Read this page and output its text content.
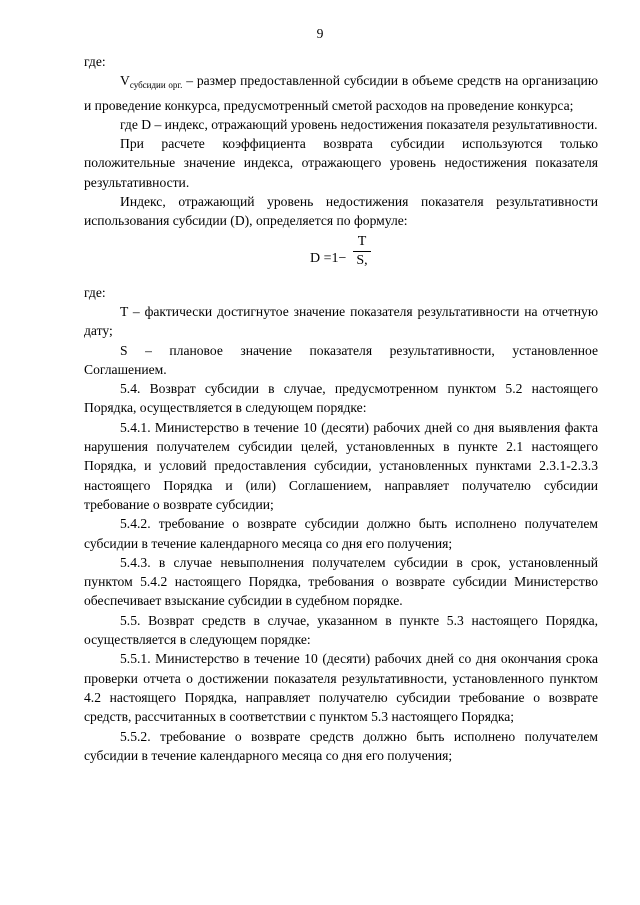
9

где:

$V_{субсидии орг.}$ – размер предоставленной субсидии в объеме средств на организацию и проведение конкурса, предусмотренный сметой расходов на проведение конкурса;

где D – индекс, отражающий уровень недостижения показателя результативности.

При расчете коэффициента возврата субсидии используются только положительные значение индекса, отражающего уровень недостижения показателя результативности.

Индекс, отражающий уровень недостижения показателя результативности использования субсидии (D), определяется по формуле:

D =1−
T
S,

где:

T – фактически достигнутое значение показателя результативности на отчетную дату;

S – плановое значение показателя результативности, установленное Соглашением.

5.4. Возврат субсидии в случае, предусмотренном пунктом 5.2 настоящего Порядка, осуществляется в следующем порядке:

5.4.1. Министерство в течение 10 (десяти) рабочих дней со дня выявления факта нарушения получателем субсидии целей, установленных в пункте 2.1 настоящего Порядка, и условий предоставления субсидии, установленных пунктами 2.3.1-2.3.3 настоящего Порядка и (или) Соглашением, направляет получателю субсидии требование о возврате субсидии;

5.4.2. требование о возврате субсидии должно быть исполнено получателем субсидии в течение календарного месяца со дня его получения;

5.4.3. в случае невыполнения получателем субсидии в срок, установленный пунктом 5.4.2 настоящего Порядка, требования о возврате субсидии Министерство обеспечивает взыскание субсидии в судебном порядке.

5.5. Возврат средств в случае, указанном в пункте 5.3 настоящего Порядка, осуществляется в следующем порядке:

5.5.1. Министерство в течение 10 (десяти) рабочих дней со дня окончания срока проверки отчета о достижении показателя результативности, установленного пунктом 4.2 настоящего Порядка, направляет получателю субсидии требование о возврате средств, рассчитанных в соответствии с пунктом 5.3 настоящего Порядка;

5.5.2. требование о возврате средств должно быть исполнено получателем субсидии в течение календарного месяца со дня его получения;
